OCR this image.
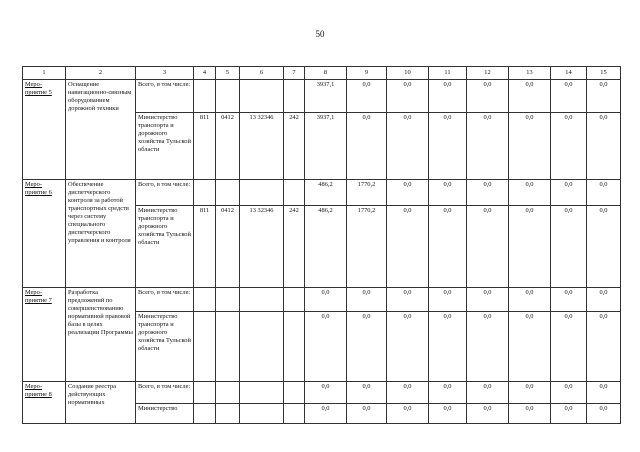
50
1	2	3	4	5	6	7	8	9	10	11	12	13	14	15
Меро-
приятие 5	Оснащение навигационно-связным оборудованием дорожной техники	Всего, в том числе:					3937,1	0,0	0,0	0,0	0,0	0,0	0,0	0,0
		Министерство транспорта и дорожного хозяйства Тульской области	811	0412	13 32346	242	3937,1	0,0	0,0	0,0	0,0	0,0	0,0	0,0
Меро-
приятие 6	Обеспечение диспетчерского контроля за работой транспортных средств через систему специального диспетчерского управления и контроля	Всего, в том числе:					486,2	1770,2	0,0	0,0	0,0	0,0	0,0	0,0
		Министерство транспорта и дорожного хозяйства Тульской области	811	0412	13 32346	242	486,2	1770,2	0,0	0,0	0,0	0,0	0,0	0,0
Меро-
приятие 7	Разработка предложений по совершенствованию нормативной правовой базы в целях реализации Программы	Всего, в том числе:					0,0	0,0	0,0	0,0	0,0	0,0	0,0	0,0
		Министерство транспорта и дорожного хозяйства Тульской области					0,0	0,0	0,0	0,0	0,0	0,0	0,0	0,0
Меро-
приятие 8	Создание реестра действующих нормативных	Всего, в том числе:					0,0	0,0	0,0	0,0	0,0	0,0	0,0	0,0
		Министерство					0,0	0,0	0,0	0,0	0,0	0,0	0,0	0,0
